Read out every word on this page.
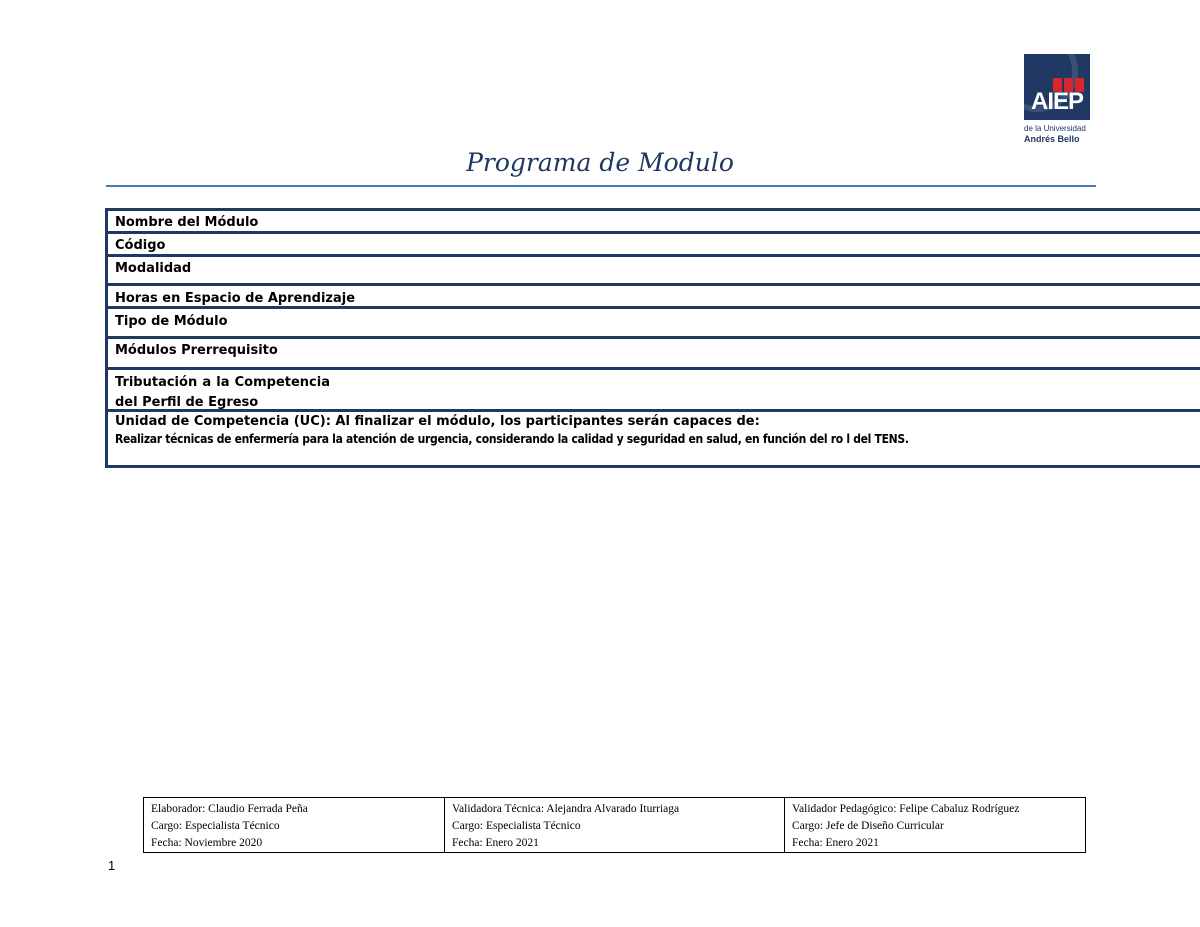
AIEP
de la Universidad
Andrés Bello
Programa de Modulo
Nombre del Módulo
Código
Modalidad
Horas en Espacio de Aprendizaje
Tipo de Módulo
Módulos Prerrequisito
Tributación a la Competencia
del Perfil de Egreso
Unidad de Competencia (UC): Al finalizar el módulo, los participantes serán capaces de:
Realizar técnicas de enfermería para la atención de urgencia, considerando la calidad y seguridad en salud, en función del ro l del TENS.
Elaborador: Claudio Ferrada Peña
Cargo: Especialista Técnico
Fecha: Noviembre 2020
Validadora Técnica: Alejandra Alvarado Iturriaga
Cargo: Especialista Técnico
Fecha: Enero 2021
Validador Pedagógico: Felipe Cabaluz Rodríguez
Cargo: Jefe de Diseño Curricular
Fecha: Enero 2021
1
